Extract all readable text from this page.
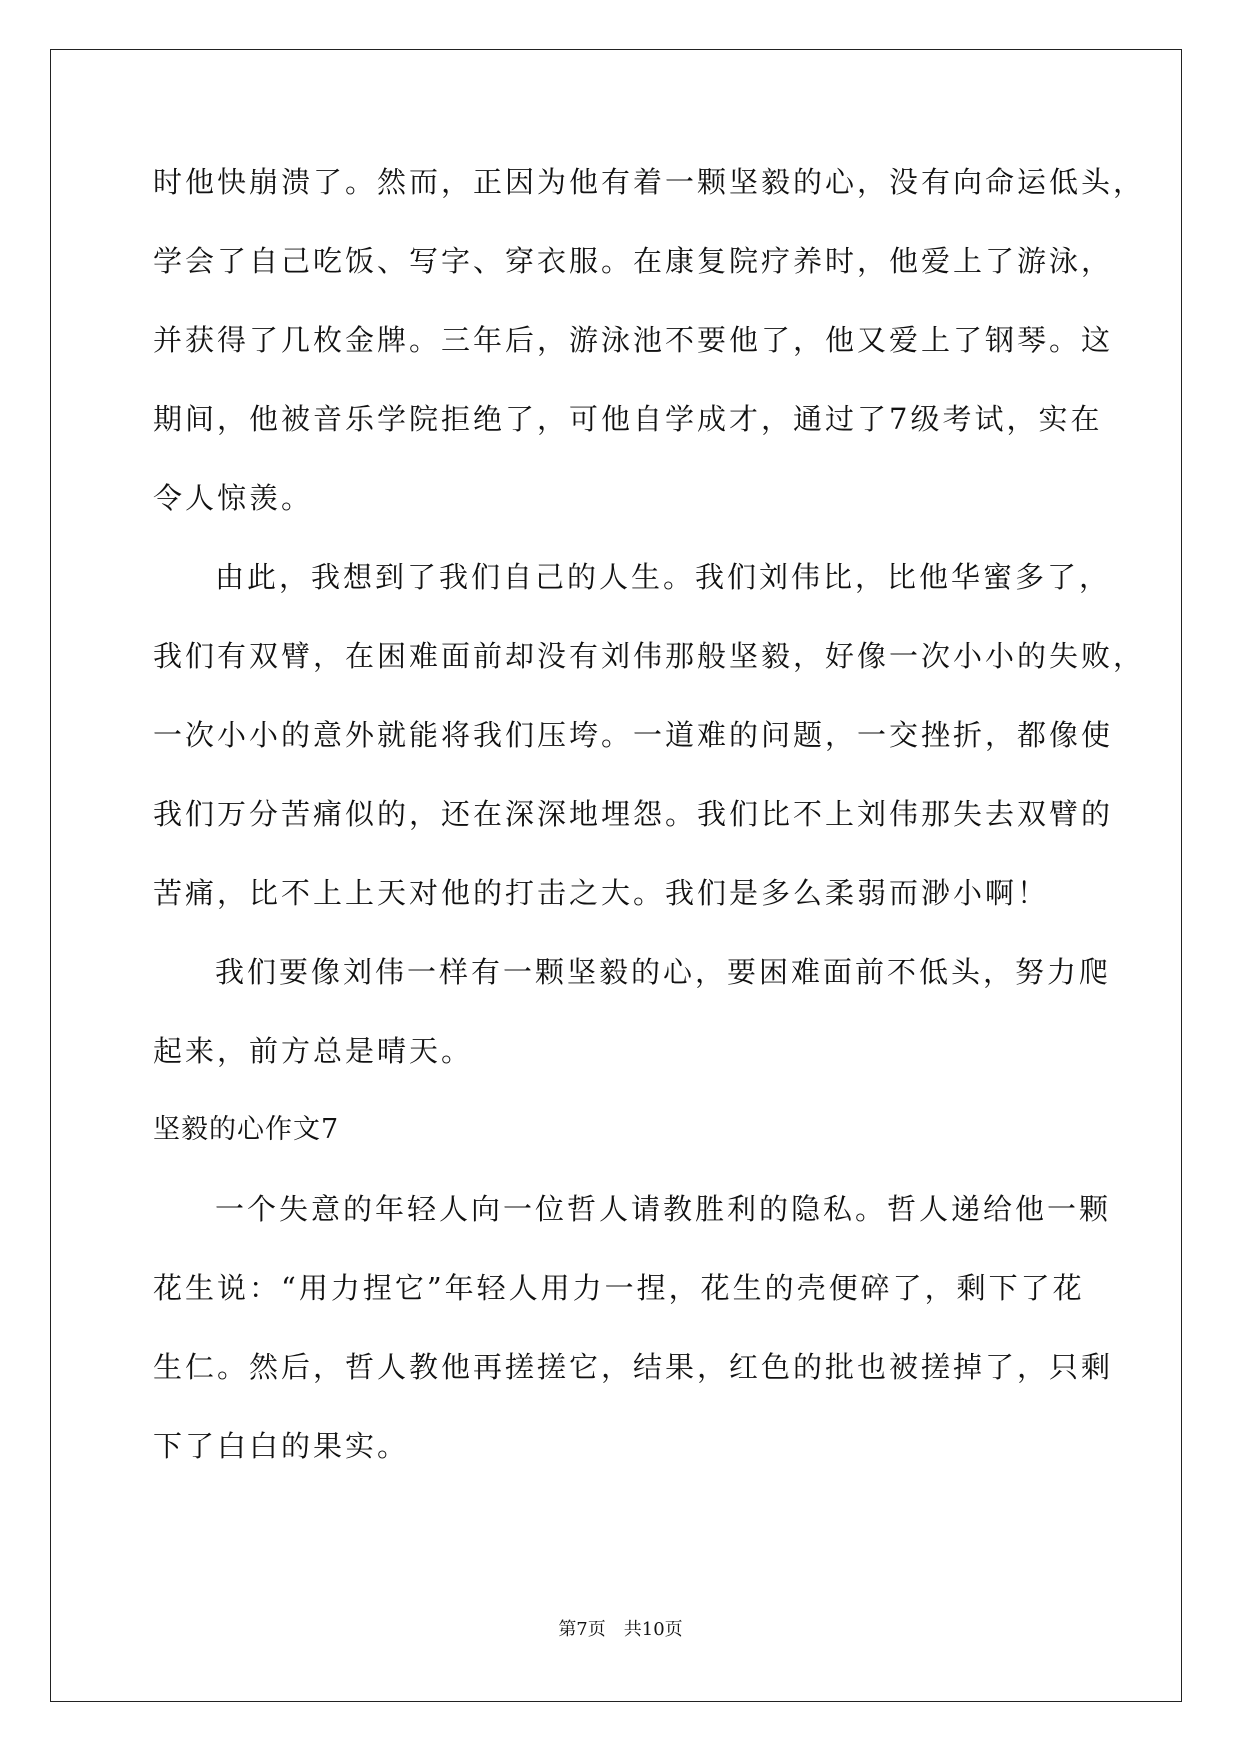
时他快崩溃了。然而，正因为他有着一颗坚毅的心，没有向命运低头，
学会了自己吃饭、写字、穿衣服。在康复院疗养时，他爱上了游泳，
并获得了几枚金牌。三年后，游泳池不要他了，他又爱上了钢琴。这
期间，他被音乐学院拒绝了，可他自学成才，通过了7级考试，实在
令人惊羡。
由此，我想到了我们自己的人生。我们刘伟比，比他华蜜多了，
我们有双臂，在困难面前却没有刘伟那般坚毅，好像一次小小的失败，
一次小小的意外就能将我们压垮。一道难的问题，一交挫折，都像使
我们万分苦痛似的，还在深深地埋怨。我们比不上刘伟那失去双臂的
苦痛，比不上上天对他的打击之大。我们是多么柔弱而渺小啊！
我们要像刘伟一样有一颗坚毅的心，要困难面前不低头，努力爬
起来，前方总是晴天。
坚毅的心作文7
一个失意的年轻人向一位哲人请教胜利的隐私。哲人递给他一颗
花生说：“用力捏它”年轻人用力一捏，花生的壳便碎了，剩下了花
生仁。然后，哲人教他再搓搓它，结果，红色的批也被搓掉了，只剩
下了白白的果实。
第7页 共10页
